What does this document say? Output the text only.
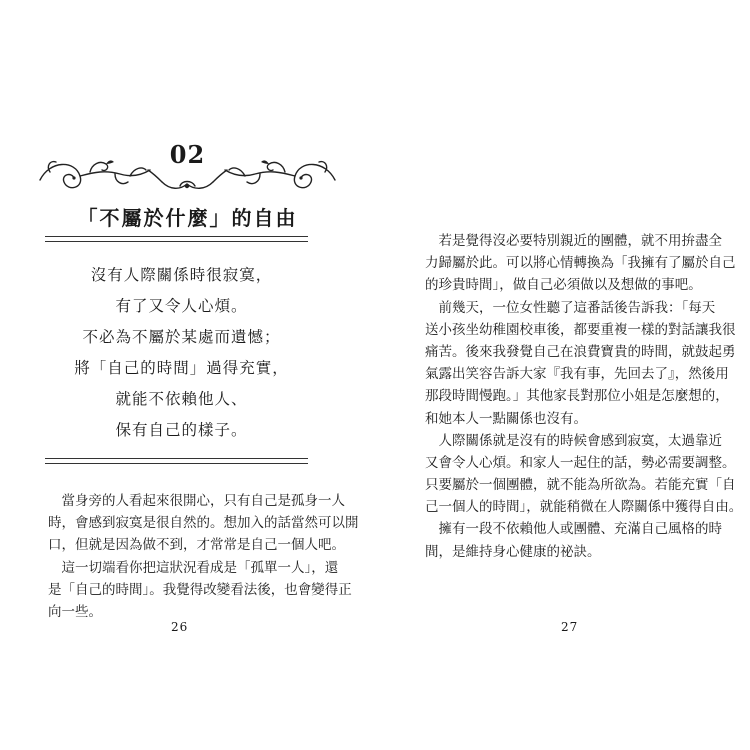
02
「不屬於什麼」的自由
沒有人際關係時很寂寞，
有了又令人心煩。
不必為不屬於某處而遺憾；
將「自己的時間」過得充實，
就能不依賴他人、
保有自己的樣子。

　當身旁的人看起來很開心，只有自己是孤身一人
時，會感到寂寞是很自然的。想加入的話當然可以開
口，但就是因為做不到，才常常是自己一個人吧。

　這一切端看你把這狀況看成是「孤單一人」，還
是「自己的時間」。我覺得改變看法後，也會變得正
向一些。

26

　若是覺得沒必要特別親近的團體，就不用拚盡全
力歸屬於此。可以將心情轉換為「我擁有了屬於自己
的珍貴時間」，做自己必須做以及想做的事吧。

　前幾天，一位女性聽了這番話後告訴我：「每天
送小孩坐幼稚園校車後，都要重複一樣的對話讓我很
痛苦。後來我發覺自己在浪費寶貴的時間，就鼓起勇
氣露出笑容告訴大家『我有事，先回去了』，然後用
那段時間慢跑。」其他家長對那位小姐是怎麼想的，
和她本人一點關係也沒有。

　人際關係就是沒有的時候會感到寂寞，太過靠近
又會令人心煩。和家人一起住的話，勢必需要調整。
只要屬於一個團體，就不能為所欲為。若能充實「自
己一個人的時間」，就能稍微在人際關係中獲得自由。

　擁有一段不依賴他人或團體、充滿自己風格的時
間，是維持身心健康的祕訣。

27
